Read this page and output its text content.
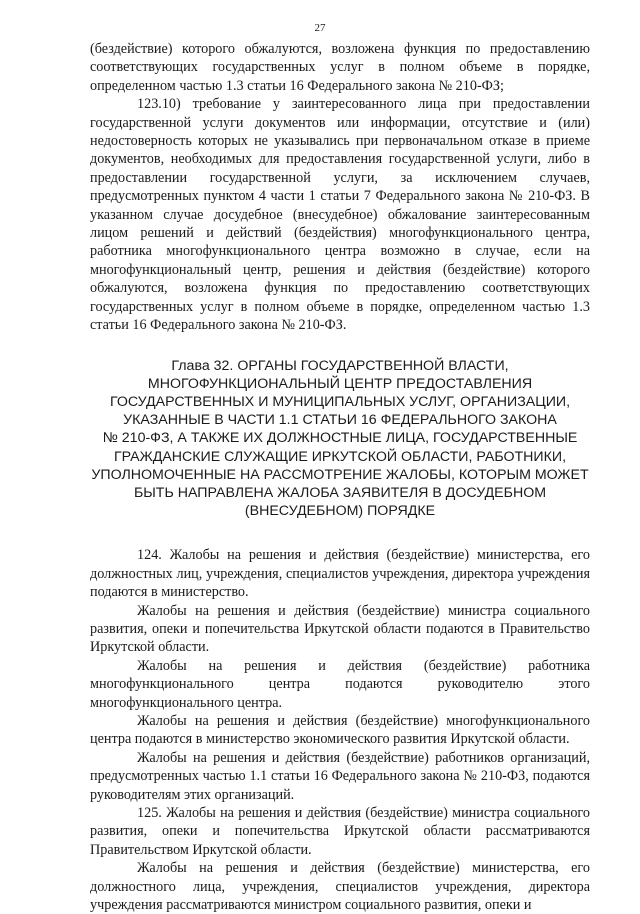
27

(бездействие) которого обжалуются, возложена функция по предоставлению соответствующих государственных услуг в полном объеме в порядке, определенном частью 1.3 статьи 16 Федерального закона № 210-ФЗ;

123.10) требование у заинтересованного лица при предоставлении государственной услуги документов или информации, отсутствие и (или) недостоверность которых не указывались при первоначальном отказе в приеме документов, необходимых для предоставления государственной услуги, либо в предоставлении государственной услуги, за исключением случаев, предусмотренных пунктом 4 части 1 статьи 7 Федерального закона № 210-ФЗ. В указанном случае досудебное (внесудебное) обжалование заинтересованным лицом решений и действий (бездействия) многофункционального центра, работника многофункционального центра возможно в случае, если на многофункциональный центр, решения и действия (бездействие) которого обжалуются, возложена функция по предоставлению соответствующих государственных услуг в полном объеме в порядке, определенном частью 1.3 статьи 16 Федерального закона № 210-ФЗ.

Глава 32. ОРГАНЫ ГОСУДАРСТВЕННОЙ ВЛАСТИ,
МНОГОФУНКЦИОНАЛЬНЫЙ ЦЕНТР ПРЕДОСТАВЛЕНИЯ
ГОСУДАРСТВЕННЫХ И МУНИЦИПАЛЬНЫХ УСЛУГ, ОРГАНИЗАЦИИ,
УКАЗАННЫЕ В ЧАСТИ 1.1 СТАТЬИ 16 ФЕДЕРАЛЬНОГО ЗАКОНА
№ 210-ФЗ, А ТАКЖЕ ИХ ДОЛЖНОСТНЫЕ ЛИЦА, ГОСУДАРСТВЕННЫЕ
ГРАЖДАНСКИЕ СЛУЖАЩИЕ ИРКУТСКОЙ ОБЛАСТИ, РАБОТНИКИ,
УПОЛНОМОЧЕННЫЕ НА РАССМОТРЕНИЕ ЖАЛОБЫ, КОТОРЫМ МОЖЕТ
БЫТЬ НАПРАВЛЕНА ЖАЛОБА ЗАЯВИТЕЛЯ В ДОСУДЕБНОМ
(ВНЕСУДЕБНОМ) ПОРЯДКЕ

124. Жалобы на решения и действия (бездействие) министерства, его должностных лиц, учреждения, специалистов учреждения, директора учреждения подаются в министерство.

Жалобы на решения и действия (бездействие) министра социального развития, опеки и попечительства Иркутской области подаются в Правительство Иркутской области.

Жалобы на решения и действия (бездействие) работника многофункционального центра подаются руководителю этого многофункционального центра.

Жалобы на решения и действия (бездействие) многофункционального центра подаются в министерство экономического развития Иркутской области.

Жалобы на решения и действия (бездействие) работников организаций, предусмотренных частью 1.1 статьи 16 Федерального закона № 210-ФЗ, подаются руководителям этих организаций.

125. Жалобы на решения и действия (бездействие) министра социального развития, опеки и попечительства Иркутской области рассматриваются Правительством Иркутской области.

Жалобы на решения и действия (бездействие) министерства, его должностного лица, учреждения, специалистов учреждения, директора учреждения рассматриваются министром социального развития, опеки и
